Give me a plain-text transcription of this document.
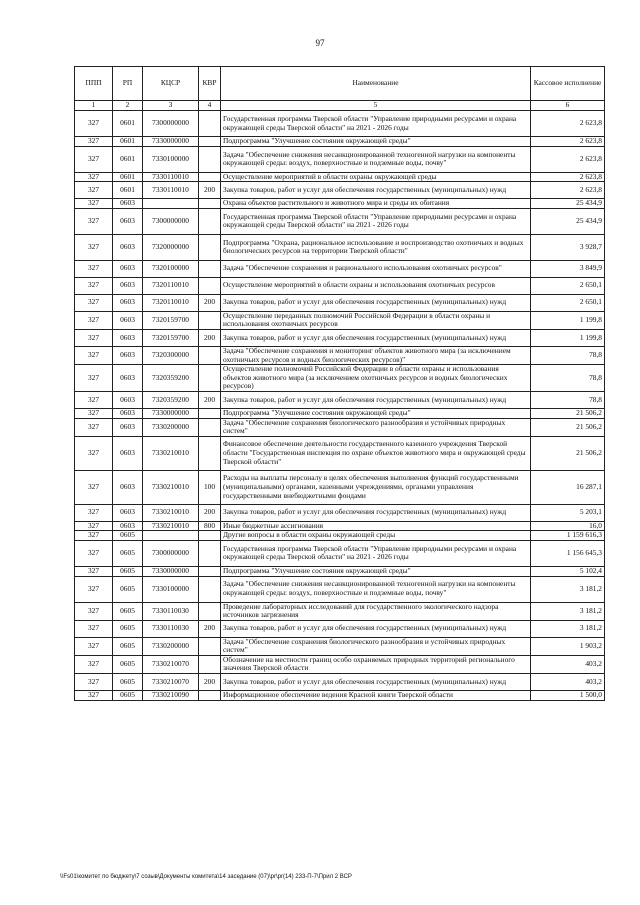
97
ППП	РП	КЦСР	КВР	Наименование	Кассовое исполнение
1	2	3	4	5	6
327	0601	7300000000		Государственная программа Тверской области "Управление природными ресурсами и охрана окружающей среды Тверской области" на 2021 - 2026 годы	2 623,8
327	0601	7330000000		Подпрограмма "Улучшение состояния окружающей среды"	2 623,8
327	0601	7330100000		Задача "Обеспечение снижения несанкционированной техногенной нагрузки на компоненты окружающей среды: воздух, поверхностные и подземные воды, почву"	2 623,8
327	0601	7330110010		Осуществление мероприятий в области охраны окружающей среды	2 623,8
327	0601	7330110010	200	Закупка товаров, работ и услуг для обеспечения государственных (муниципальных) нужд	2 623,8
327	0603			Охрана объектов растительного и животного мира и среды их обитания	25 434,9
327	0603	7300000000		Государственная программа Тверской области "Управление природными ресурсами и охрана окружающей среды Тверской области" на 2021 - 2026 годы	25 434,9
327	0603	7320000000		Подпрограмма "Охрана, рациональное использование и воспроизводство охотничьих и водных биологических ресурсов на территории Тверской области"	3 928,7
327	0603	7320100000		Задача "Обеспечение сохранения и рационального использования охотничьих ресурсов"	3 849,9
327	0603	7320110010		Осуществление мероприятий в области охраны и использования охотничьих ресурсов	2 650,1
327	0603	7320110010	200	Закупка товаров, работ и услуг для обеспечения государственных (муниципальных) нужд	2 650,1
327	0603	7320159700		Осуществление переданных полномочий Российской Федерации в области охраны и использования охотничьих ресурсов	1 199,8
327	0603	7320159700	200	Закупка товаров, работ и услуг для обеспечения государственных (муниципальных) нужд	1 199,8
327	0603	7320300000		Задача "Обеспечение сохранения и мониторинг объектов животного мира (за исключением охотничьих ресурсов и водных биологических ресурсов)"	78,8
327	0603	7320359200		Осуществление полномочий Российской Федерации в области охраны и использования объектов животного мира (за исключением охотничьих ресурсов и водных биологических ресурсов)	78,8
327	0603	7320359200	200	Закупка товаров, работ и услуг для обеспечения государственных (муниципальных) нужд	78,8
327	0603	7330000000		Подпрограмма "Улучшение состояния окружающей среды"	21 506,2
327	0603	7330200000		Задача "Обеспечение сохранения биологического разнообразия и устойчивых природных систем"	21 506,2
327	0603	7330210010		Финансовое обеспечение деятельности государственного казенного учреждения Тверской области "Государственная инспекция по охране объектов животного мира и окружающей среды Тверской области"	21 506,2
327	0603	7330210010	100	Расходы на выплаты персоналу в целях обеспечения выполнения функций государственными (муниципальными) органами, казенными учреждениями, органами управления государственными внебюджетными фондами	16 287,1
327	0603	7330210010	200	Закупка товаров, работ и услуг для обеспечения государственных (муниципальных) нужд	5 203,1
327	0603	7330210010	800	Иные бюджетные ассигнования	16,0
327	0605			Другие вопросы в области охраны окружающей среды	1 159 616,3
327	0605	7300000000		Государственная программа Тверской области "Управление природными ресурсами и охрана окружающей среды Тверской области" на 2021 - 2026 годы	1 156 645,3
327	0605	7330000000		Подпрограмма "Улучшение состояния окружающей среды"	5 102,4
327	0605	7330100000		Задача "Обеспечение снижения несанкционированной техногенной нагрузки на компоненты окружающей среды: воздух, поверхностные и подземные воды, почву"	3 181,2
327	0605	7330110030		Проведение лабораторных исследований для государственного экологического надзора источников загрязнения	3 181,2
327	0605	7330110030	200	Закупка товаров, работ и услуг для обеспечения государственных (муниципальных) нужд	3 181,2
327	0605	7330200000		Задача "Обеспечение сохранения биологического разнообразия и устойчивых природных систем"	1 903,2
327	0605	7330210070		Обозначение на местности границ особо охраняемых природных территорий регионального значения Тверской области	403,2
327	0605	7330210070	200	Закупка товаров, работ и услуг для обеспечения государственных (муниципальных) нужд	403,2
327	0605	7330210090		Информационное обеспечение ведения Красной книги Тверской области	1 500,0
\\Fs01\комитет по бюджету\7 созыв\Документы комитета\14 заседание (07)\pr\pr(14) 233-П-7\Прил 2 ВСР
